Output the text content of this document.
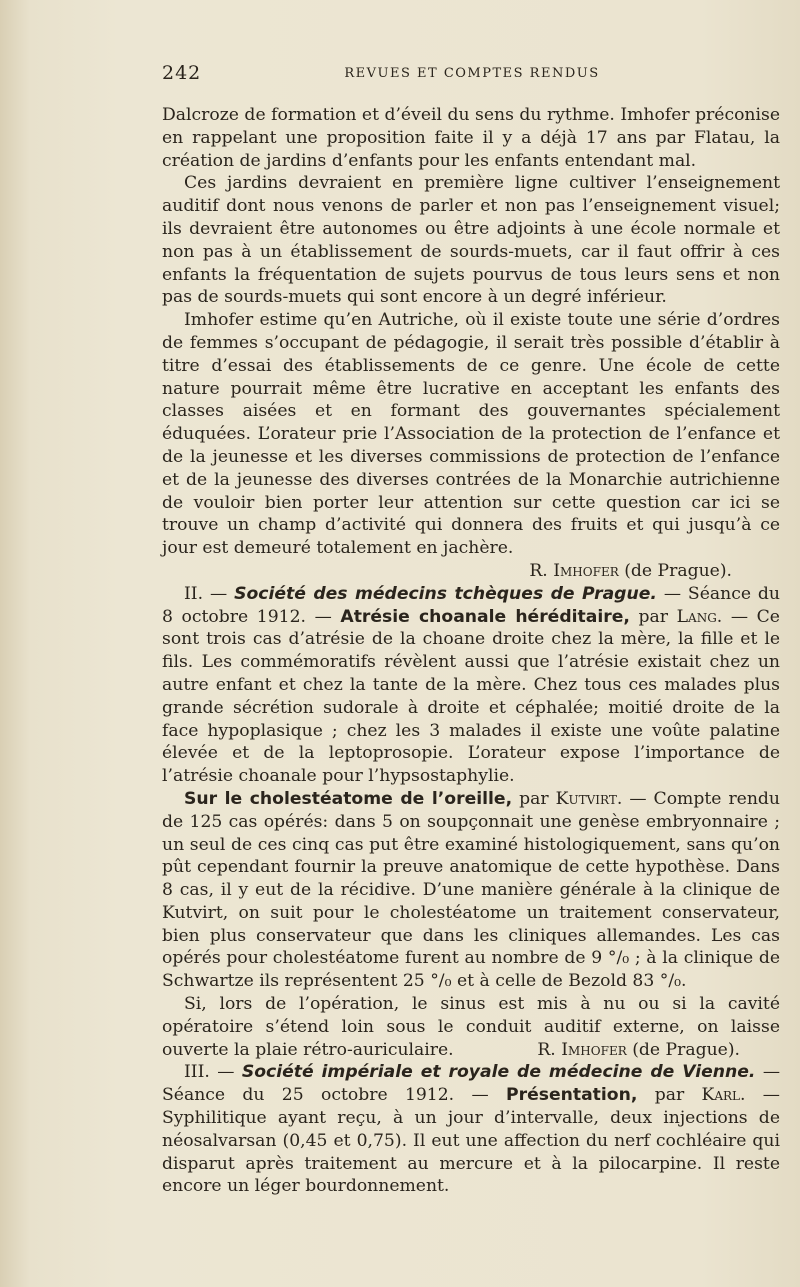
242	REVUES ET COMPTES RENDUS

Dalcroze de formation et d’éveil du sens du rythme. Imhofer préconise en rappelant une proposition faite il y a déjà 17 ans par Flatau, la création de jardins d’enfants pour les enfants entendant mal.

Ces jardins devraient en première ligne cultiver l’enseignement auditif dont nous venons de parler et non pas l’enseignement visuel; ils devraient être autonomes ou être adjoints à une école normale et non pas à un établissement de sourds-muets, car il faut offrir à ces enfants la fréquentation de sujets pourvus de tous leurs sens et non pas de sourds-muets qui sont encore à un degré inférieur.

Imhofer estime qu’en Autriche, où il existe toute une série d’ordres de femmes s’occupant de pédagogie, il serait très possible d’établir à titre d’essai des établissements de ce genre. Une école de cette nature pourrait même être lucrative en acceptant les enfants des classes aisées et en formant des gouvernantes spécialement éduquées. L’orateur prie l’Association de la protection de l’enfance et de la jeunesse et les diverses commissions de protection de l’enfance et de la jeunesse des diverses contrées de la Monarchie autrichienne de vouloir bien porter leur attention sur cette question car ici se trouve un champ d’activité qui donnera des fruits et qui jusqu’à ce jour est demeuré totalement en jachère.

R. Imhofer (de Prague).

II. — Société des médecins tchèques de Prague. — Séance du 8 octobre 1912. — Atrésie choanale héréditaire, par Lang. — Ce sont trois cas d’atrésie de la choane droite chez la mère, la fille et le fils. Les commémoratifs révèlent aussi que l’atrésie existait chez un autre enfant et chez la tante de la mère. Chez tous ces malades plus grande sécrétion sudorale à droite et céphalée; moitié droite de la face hypoplasique ; chez les 3 malades il existe une voûte palatine élevée et de la leptoprosopie. L’orateur expose l’importance de l’atrésie choanale pour l’hypsostaphylie.

Sur le cholestéatome de l’oreille, par Kutvirt. — Compte rendu de 125 cas opérés: dans 5 on soupçonnait une genèse embryonnaire ; un seul de ces cinq cas put être examiné histologiquement, sans qu’on pût cependant fournir la preuve anatomique de cette hypothèse. Dans 8 cas, il y eut de la récidive. D’une manière générale à la clinique de Kutvirt, on suit pour le cholestéatome un traitement conservateur, bien plus conservateur que dans les cliniques allemandes. Les cas opérés pour cholestéatome furent au nombre de 9 °/₀ ; à la clinique de Schwartze ils représentent 25 °/₀ et à celle de Bezold 83 °/₀.

Si, lors de l’opération, le sinus est mis à nu ou si la cavité opératoire s’étend loin sous le conduit auditif externe, on laisse ouverte la plaie rétro-auriculaire.	R. Imhofer (de Prague).

III. — Société impériale et royale de médecine de Vienne. — Séance du 25 octobre 1912. — Présentation, par Karl. — Syphilitique ayant reçu, à un jour d’intervalle, deux injections de néosalvarsan (0,45 et 0,75). Il eut une affection du nerf cochléaire qui disparut après traitement au mercure et à la pilocarpine. Il reste encore un léger bourdonnement.
